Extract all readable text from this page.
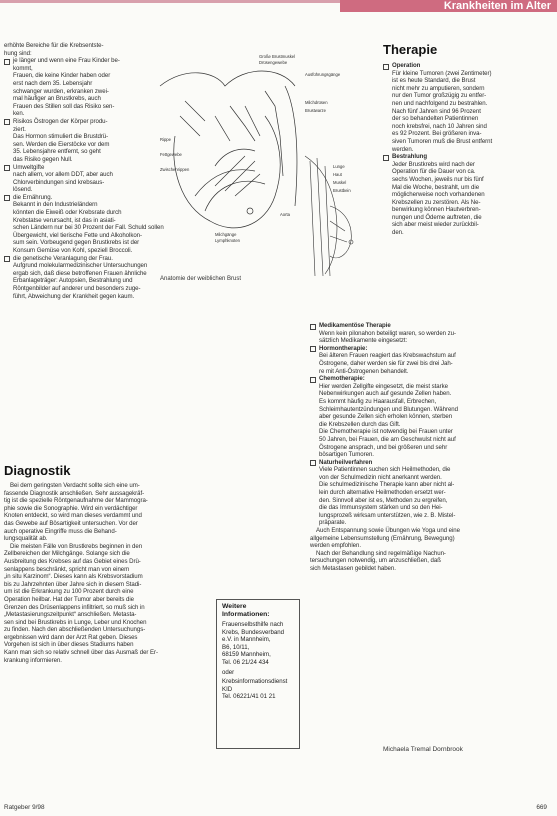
Krankheiten im Alter

erhöhte Bereiche für die Krebsentste-
hung sind:

je länger und wenn eine Frau Kinder be-
kommt,
Frauen, die keine Kinder haben oder
erst nach dem 35. Lebensjahr
schwanger wurden, erkranken zwei-
mal häufiger an Brustkrebs, auch
Frauen des Stillen soll das Risiko sen-
ken.
Risikos Östrogen der Körper produ-
ziert.
Das Hormon stimuliert die Brustdrü-
sen. Werden die Eierstöcke vor dem
35. Lebensjahre entfernt, so geht
das Risiko gegen Null.
Umweltgifte
nach allem, vor allem DDT, aber auch
Chlorverbindungen sind krebsaus-
lösend.
die Ernährung.
Bekannt in den Industrieländern
könnten die Eiweiß oder Krebsrate durch
Krebstatse verursacht, ist das in asiati-
schen Ländern nur bei 30 Prozent der Fall. Schuld sollen
Übergewicht, viel tierische Fette und Alkoholkon-
sum sein. Vorbeugend gegen Brustkrebs ist der
Konsum Gemüse von Kohl, speziell Broccoli.
die genetische Veranlagung der Frau.
Aufgrund molekularmedizinischer Untersuchungen
ergab sich, daß diese betroffenen Frauen ähnliche
Erbanlageträger: Autopsien, Bestrahlung und
Röntgenbilder auf anderer und besonders zuge-
führt, Abweichung der Krankheit gegen kaum.
Große Brustmuskel
Drüsengewebe
Ausführungsgänge
Milchdrüsen
Brustwarze
Rippe
Fettgewebe
Zwischenrippen
Lunge
Haut
Muskel
Brustbein
Milchgänge
Lymphknoten
Aorta
Anatomie der weiblichen Brust
Diagnostik

Bei dem geringsten Verdacht sollte sich eine um-
fassende Diagnostik anschließen. Sehr aussagekräf-
tig ist die spezielle Röntgenaufnahme der Mammogra-
phie sowie die Sonographie. Wird ein verdächtiger
Knoten entdeckt, so wird man dieses verdammt und
das Gewebe auf Bösartigkeit untersuchen. Vor der
auch operative Eingriffe muss die Behand-
lungsqualität ab.

Die meisten Fälle von Brustkrebs beginnen in den
Zellbereichen der Milchgänge. Solange sich die
Ausbreitung des Krebses auf das Gebiet eines Drü-
senlappens beschränkt, spricht man von einem
„in situ Karzinom“. Dieses kann als Krebsvorstadium
bis zu Jahrzehnten über Jahre sich in diesem Stadi-
um ist die Erkrankung zu 100 Prozent durch eine
Operation heilbar. Hat der Tumor aber bereits die
Grenzen des Drüsenlappens infiltriert, so muß sich in
„Metastasierungszeitpunkt“ anschließen. Metasta-
sen sind bei Brustkrebs in Lunge, Leber und Knochen
zu finden. Nach den abschließenden Untersuchungs-
ergebnissen wird dann der Arzt Rat geben. Dieses
Vorgehen ist sich in über dieses Stadiums haben
Kann man sich so relativ schnell über das Ausmaß der Er-
krankung informieren.

Weitere Informationen:

Frauenselbsthilfe nach
Krebs, Bundesverband
e.V. in Mannheim,
B6, 10/11,
68159 Mannheim,
Tel. 06 21/24 434

oder

Krebsinformationsdienst
KID
Tel. 06221/41 01 21

Therapie
Operation
Für kleine Tumoren (zwei Zentimeter)
ist es heute Standard, die Brust
nicht mehr zu amputieren, sondern
nur den Tumor großzügig zu entfer-
nen und nachfolgend zu bestrahlen.
Nach fünf Jahren sind 96 Prozent
der so behandelten Patientinnen
noch krebsfrei, nach 10 Jahren sind
es 92 Prozent. Bei größeren inva-
siven Tumoren muß die Brust entfernt
werden.
Bestrahlung
Jeder Brustkrebs wird nach der
Operation für die Dauer von ca.
sechs Wochen, jeweils nur bis fünf
Mal die Woche, bestrahlt, um die
möglicherweise noch vorhandenen
Krebszellen zu zerstören. Als Ne-
benwirkung können Hautverbren-
nungen und Ödeme auftreten, die
sich aber meist wieder zurückbil-
den.
Medikamentöse Therapie
Wenn kein pilonahon beteiligt waren, so werden zu-
sätzlich Medikamente eingesetzt:
Hormontherapie:
Bei älteren Frauen reagiert das Krebswachstum auf
Östrogene, daher werden sie für zwei bis drei Jah-
re mit Anti-Östrogenen behandelt.
Chemotherapie:
Hier werden Zellgifte eingesetzt, die meist starke
Nebenwirkungen auch auf gesunde Zellen haben.
Es kommt häufig zu Haarausfall, Erbrechen,
Schleimhautentzündungen und Blutungen. Während
aber gesunde Zellen sich erholen können, sterben
die Krebszellen durch das Gift.
Die Chemotherapie ist notwendig bei Frauen unter
50 Jahren, bei Frauen, die am Geschwulst nicht auf
Östrogene ansprach, und bei größeren und sehr
bösartigen Tumoren.
Naturheilverfahren
Viele Patientinnen suchen sich Heilmethoden, die
von der Schulmedizin nicht anerkannt werden.
Die schulmedizinische Therapie kann aber nicht al-
lein durch alternative Heilmethoden ersetzt wer-
den. Sinnvoll aber ist es, Methoden zu ergreifen,
die das Immunsystem stärken und so den Hei-
lungsprozeß wirksam unterstützen, wie z. B. Mistel-
präparate.

Auch Entspannung sowie Übungen wie Yoga und eine
allgemeine Lebensumstellung (Ernährung, Bewegung)
werden empfohlen.

Nach der Behandlung sind regelmäßige Nachun-
tersuchungen notwendig, um anzuschließen, daß
sich Metastasen gebildet haben.

Michaela Tremal Dornbrook
Ratgeber 9/98	669
